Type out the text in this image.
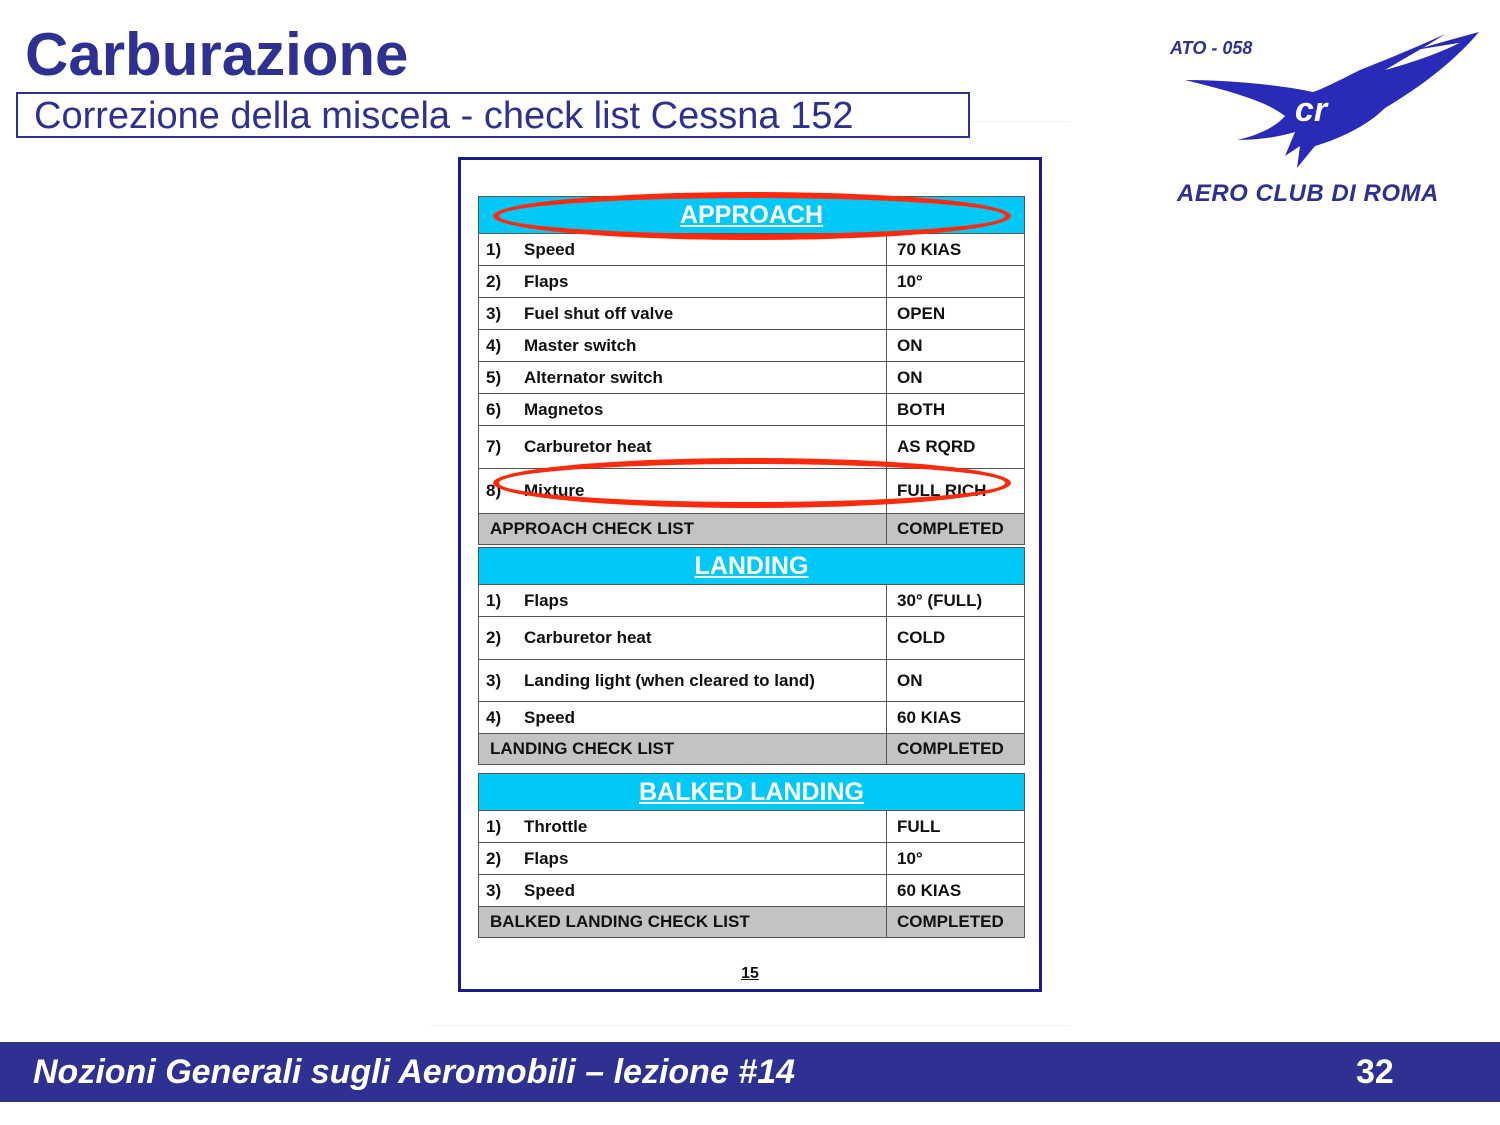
Carburazione
Correzione della miscela - check list Cessna 152
ATO - 058
cr
AERO CLUB DI ROMA
APPROACH
1) Speed	70 KIAS
2) Flaps	10°
3) Fuel shut off valve	OPEN
4) Master switch	ON
5) Alternator switch	ON
6) Magnetos	BOTH
7) Carburetor heat	AS RQRD
8) Mixture	FULL RICH
APPROACH CHECK LIST	COMPLETED
LANDING
1) Flaps	30° (FULL)
2) Carburetor heat	COLD
3) Landing light (when cleared to land)	ON
4) Speed	60 KIAS
LANDING CHECK LIST	COMPLETED
BALKED LANDING
1) Throttle	FULL
2) Flaps	10°
3) Speed	60 KIAS
BALKED LANDING CHECK LIST	COMPLETED
15
Nozioni Generali sugli Aeromobili – lezione #14	32
